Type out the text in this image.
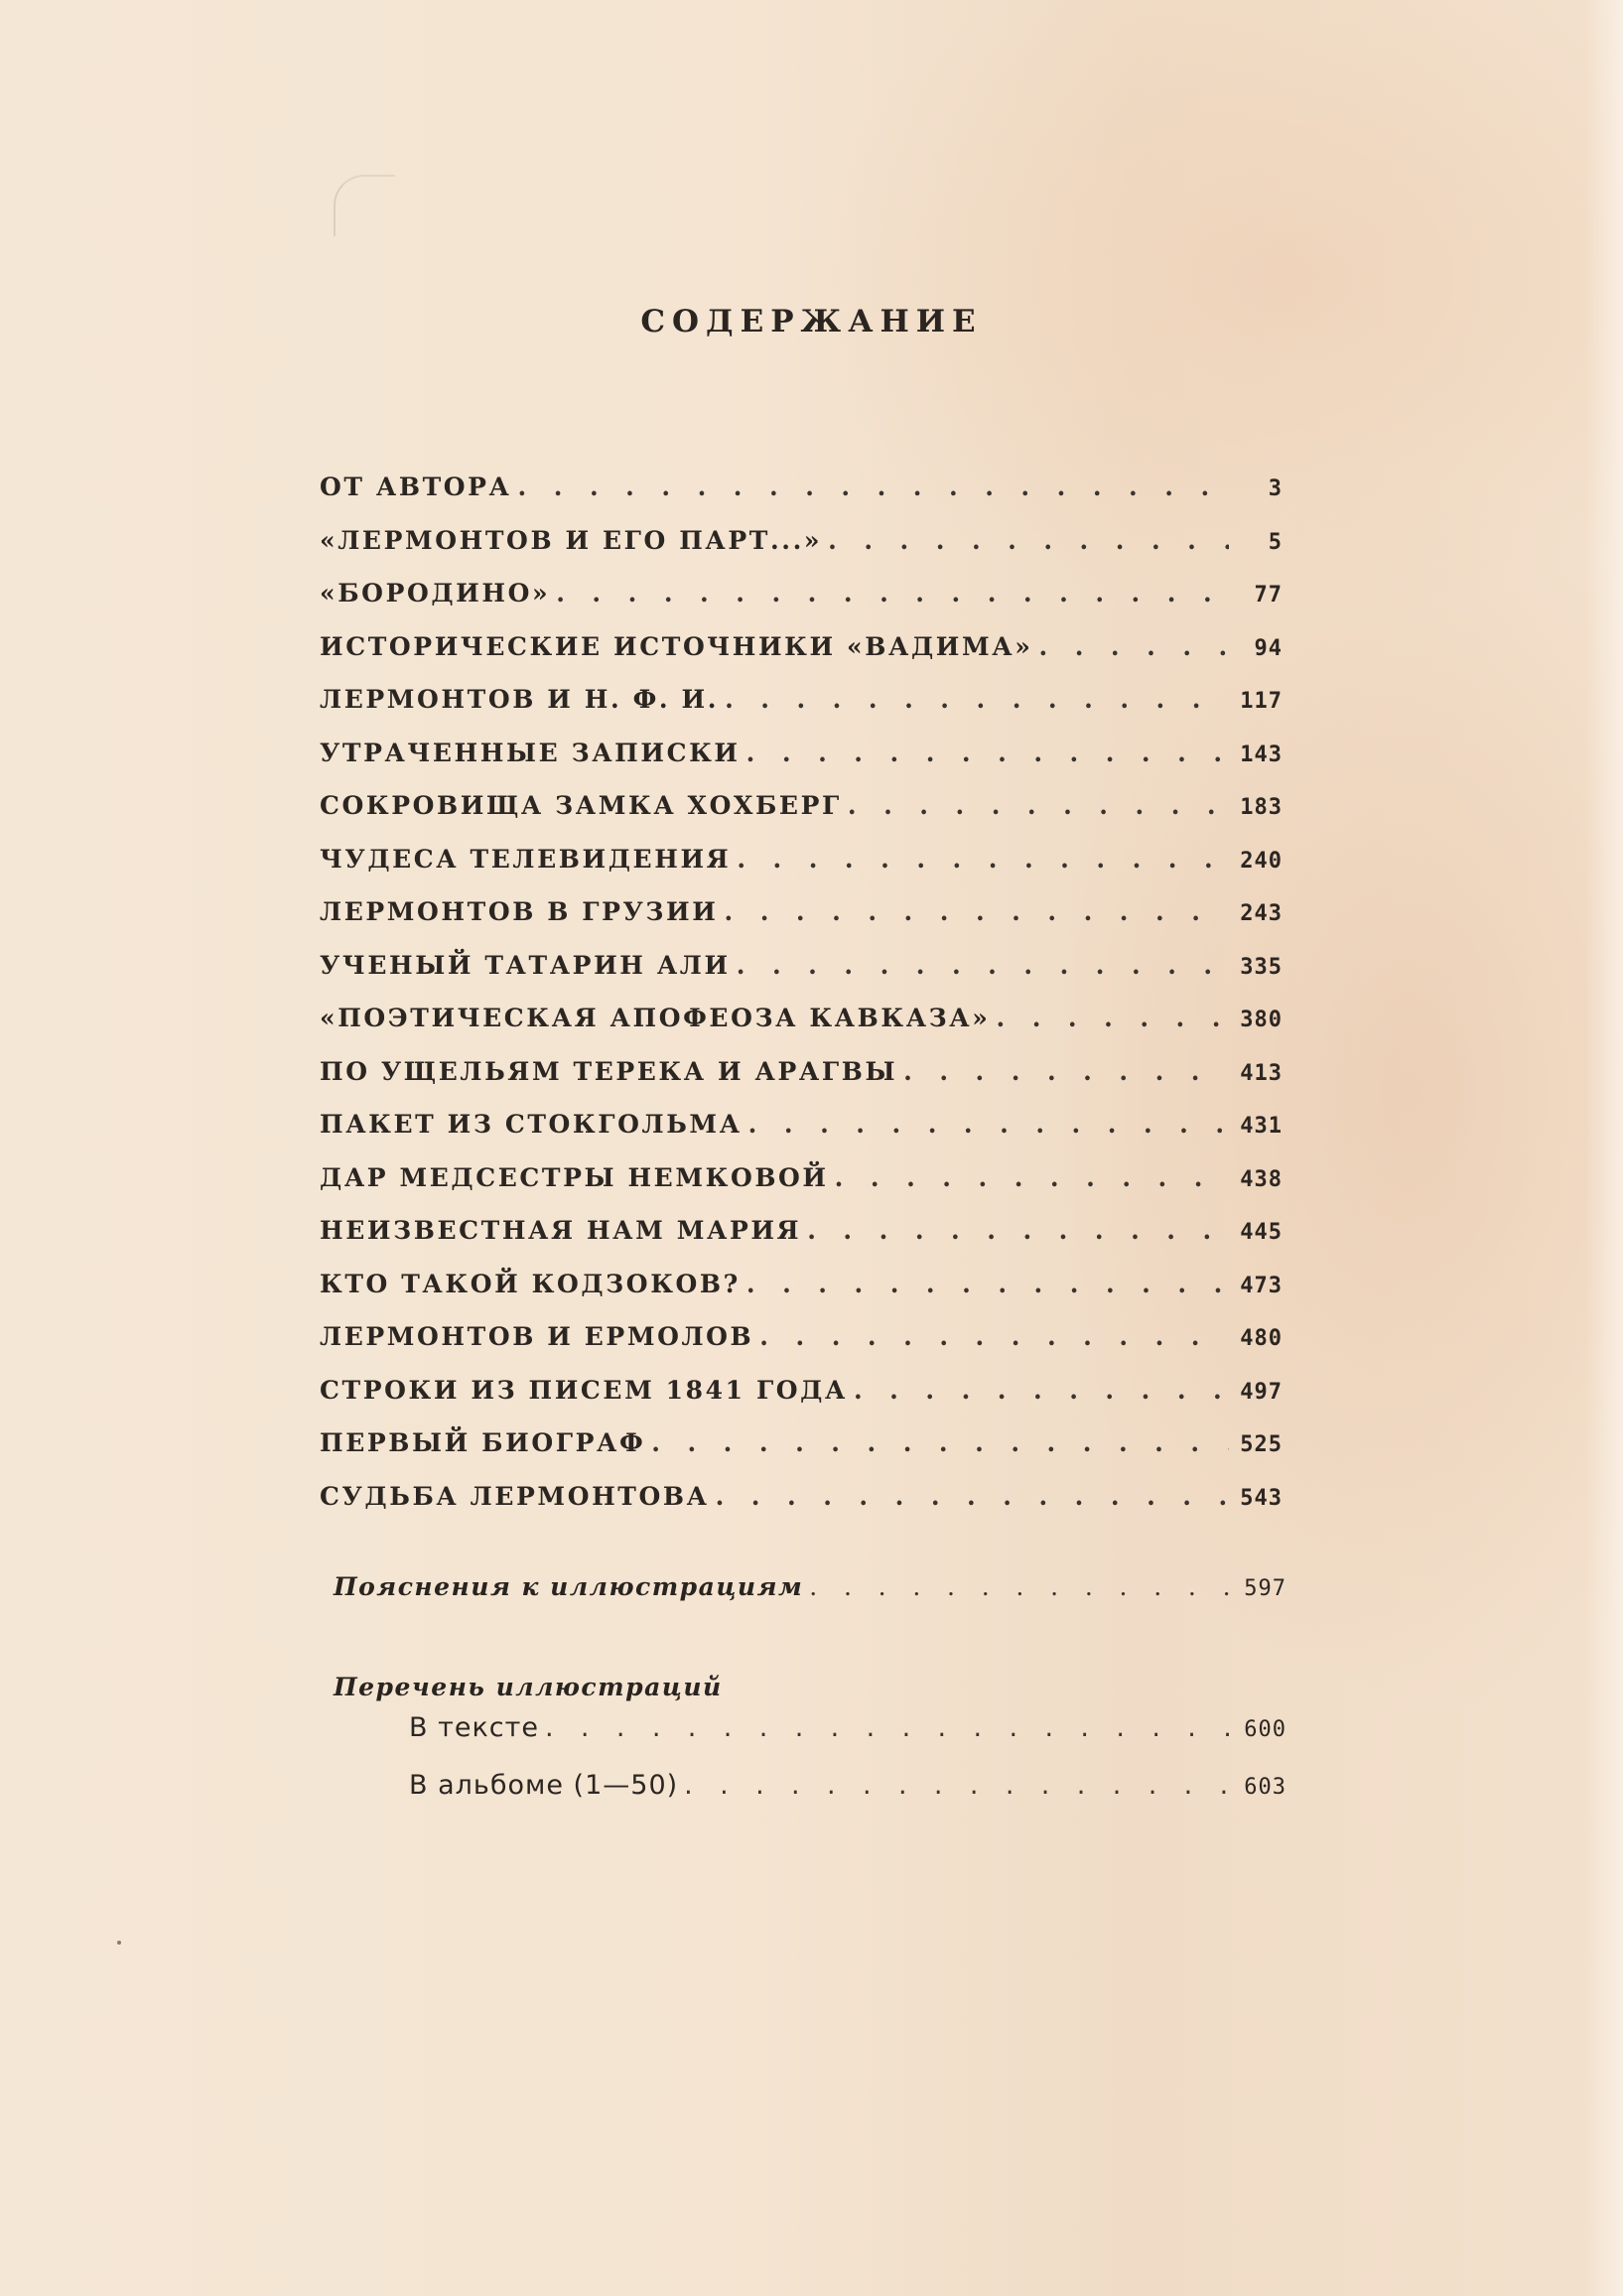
СОДЕРЖАНИЕ
ОТ АВТОРА . . .	3
«ЛЕРМОНТОВ И ЕГО ПАРТ...» . . .	5
«БОРОДИНО» . . .	77
ИСТОРИЧЕСКИЕ ИСТОЧНИКИ «ВАДИМА» . . .	94
ЛЕРМОНТОВ И Н. Ф. И. . . .	117
УТРАЧЕННЫЕ ЗАПИСКИ . . .	143
СОКРОВИЩА ЗАМКА ХОХБЕРГ . . .	183
ЧУДЕСА ТЕЛЕВИДЕНИЯ . . .	240
ЛЕРМОНТОВ В ГРУЗИИ . . .	243
УЧЕНЫЙ ТАТАРИН АЛИ . . .	335
«ПОЭТИЧЕСКАЯ АПОФЕОЗА КАВКАЗА» . . .	380
ПО УЩЕЛЬЯМ ТЕРЕКА И АРАГВЫ . . .	413
ПАКЕТ ИЗ СТОКГОЛЬМА . . .	431
ДАР МЕДСЕСТРЫ НЕМКОВОЙ . . .	438
НЕИЗВЕСТНАЯ НАМ МАРИЯ . . .	445
КТО ТАКОЙ КОДЗОКОВ? . . .	473
ЛЕРМОНТОВ И ЕРМОЛОВ . . .	480
СТРОКИ ИЗ ПИСЕМ 1841 ГОДА . . .	497
ПЕРВЫЙ БИОГРАФ . . .	525
СУДЬБА ЛЕРМОНТОВА . . .	543
Пояснения к иллюстрациям . . .	597
Перечень иллюстраций
В тексте . . .	600
В альбоме (1—50) . . .	603
